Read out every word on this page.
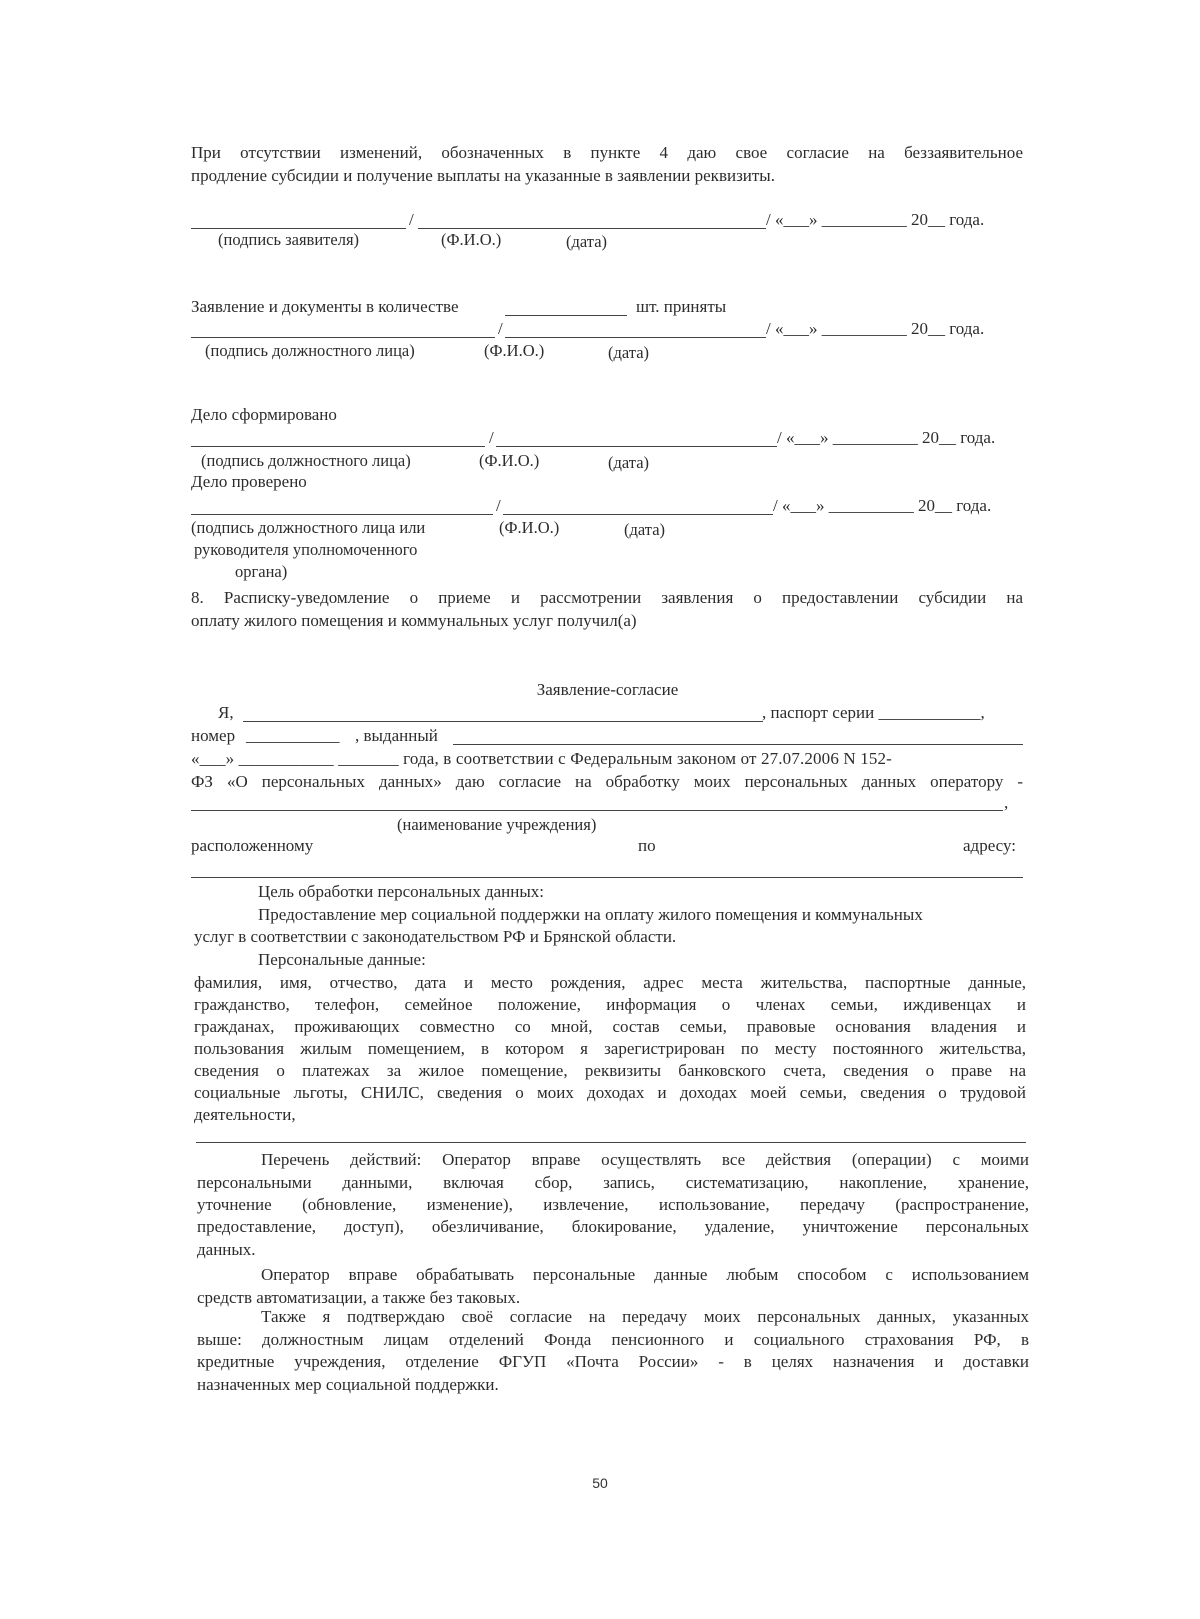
При отсутствии изменений, обозначенных в пункте 4 даю свое согласие на беззаявительное
продление субсидии и получение выплаты на указанные в заявлении реквизиты.
/	/ «___» __________ 20__ года.
(подпись заявителя)	(Ф.И.О.)	(дата)
Заявление и документы в количестве	шт. приняты
/	/ «___» __________ 20__ года.
(подпись должностного лица)	(Ф.И.О.)	(дата)
Дело сформировано
/	/ «___» __________ 20__ года.
(подпись должностного лица)	(Ф.И.О.)	(дата)
Дело проверено
/	/ «___» __________ 20__ года.
(подпись должностного лица или
руководителя уполномоченного
органа)
(Ф.И.О.)	(дата)
8. Расписку-уведомление о приеме и рассмотрении заявления о предоставлении субсидии на
оплату жилого помещения и коммунальных услуг получил(а)
Заявление-согласие
Я,	, паспорт серии ____________,
номер ___________ , выданный
«___» ___________ _______ года, в соответствии с Федеральным законом от 27.07.2006 N 152-
ФЗ «О персональных данных» даю согласие на обработку моих персональных данных оператору -
,
(наименование учреждения)
расположенному	по	адресу:
Цель обработки персональных данных:
Предоставление мер социальной поддержки на оплату жилого помещения и коммунальных
услуг в соответствии с законодательством РФ и Брянской области.
Персональные данные:
фамилия, имя, отчество, дата и место рождения, адрес места жительства, паспортные данные,
гражданство, телефон, семейное положение, информация о членах семьи, иждивенцах и
гражданах, проживающих совместно со мной, состав семьи, правовые основания владения и
пользования жилым помещением, в котором я зарегистрирован по месту постоянного жительства,
сведения о платежах за жилое помещение, реквизиты банковского счета, сведения о праве на
социальные льготы, СНИЛС, сведения о моих доходах и доходах моей семьи, сведения о трудовой
деятельности,
Перечень действий: Оператор вправе осуществлять все действия (операции) с моими
персональными данными, включая сбор, запись, систематизацию, накопление, хранение,
уточнение (обновление, изменение), извлечение, использование, передачу (распространение,
предоставление, доступ), обезличивание, блокирование, удаление, уничтожение персональных
данных.
Оператор вправе обрабатывать персональные данные любым способом с использованием
средств автоматизации, а также без таковых.
Также я подтверждаю своё согласие на передачу моих персональных данных, указанных
выше: должностным лицам отделений Фонда пенсионного и социального страхования РФ, в
кредитные учреждения, отделение ФГУП «Почта России» - в целях назначения и доставки
назначенных мер социальной поддержки.
50
